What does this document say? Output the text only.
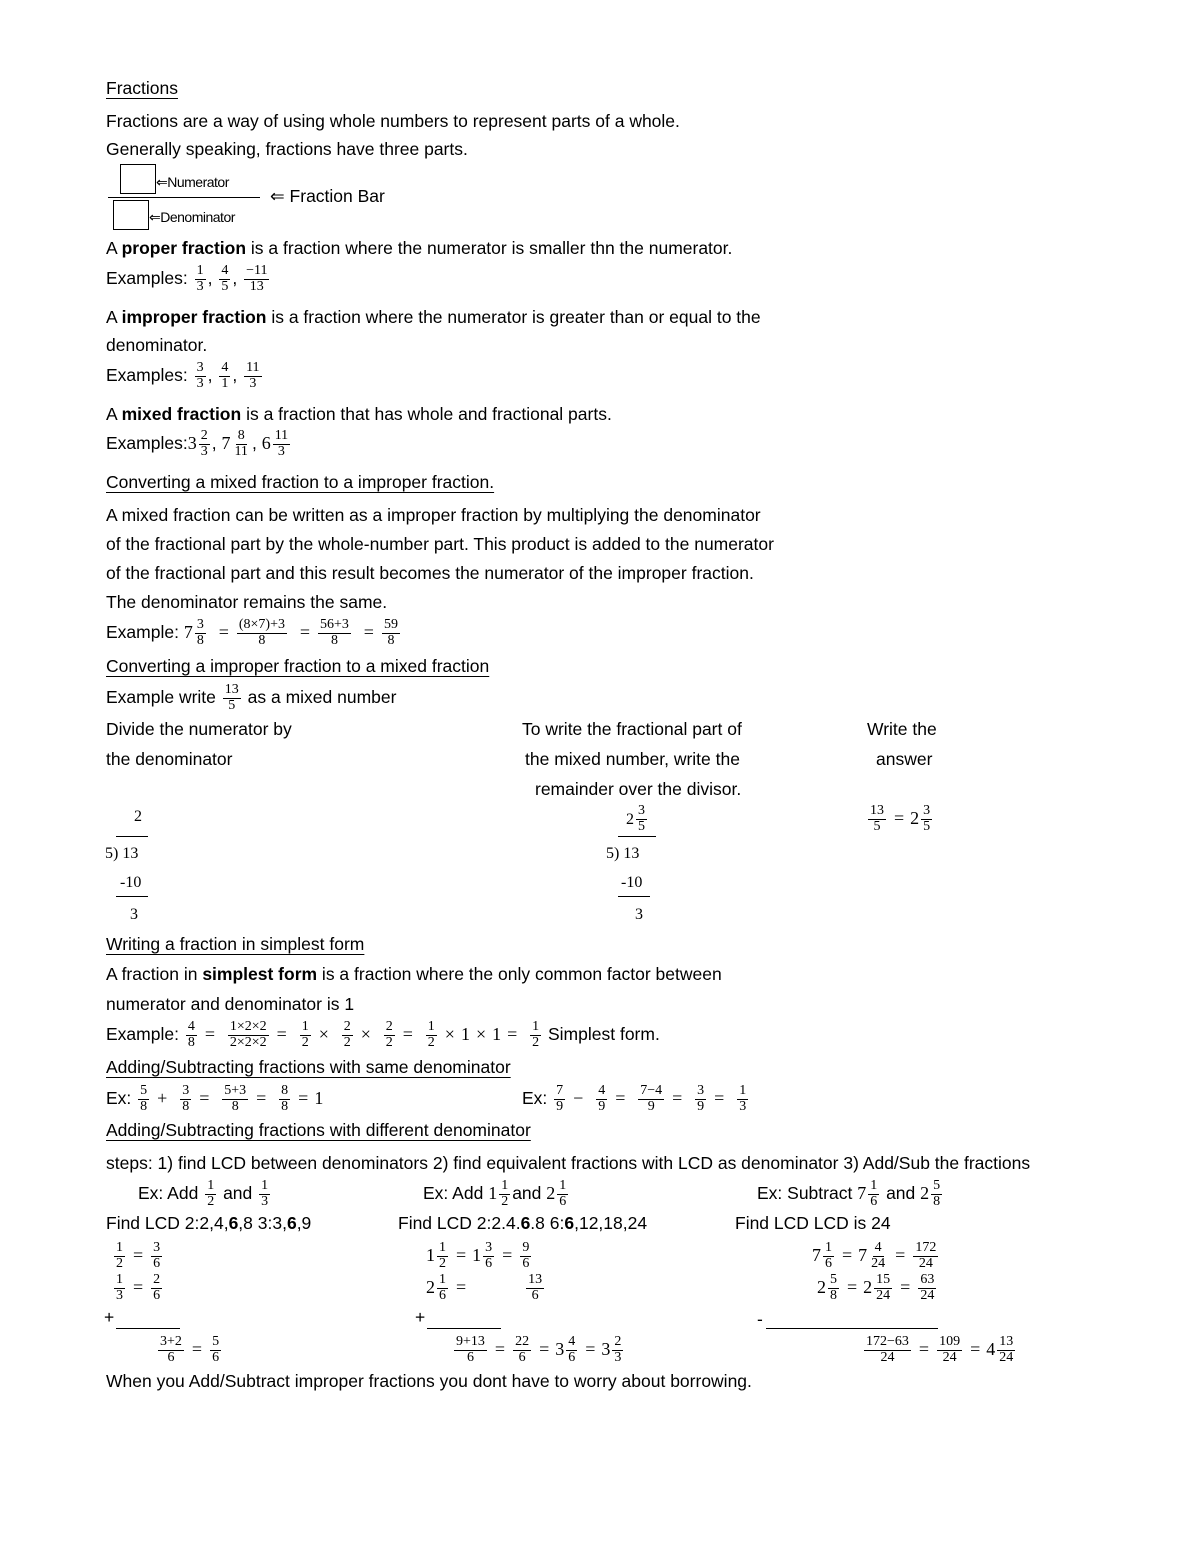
Fractions
Fractions are a way of using whole numbers to represent parts of a whole.
Generally speaking, fractions have three parts.
⇐Numerator
⇐ Fraction Bar
⇐Denominator
A proper fraction is a fraction where the numerator is smaller thn the numerator.
Examples: $\frac{1}{3}$ , $\frac{4}{5}$ , $\frac{-11}{13}$
A improper fraction is a fraction where the numerator is greater than or equal to the
denominator.
Examples: $\frac{3}{3}$ , $\frac{4}{1}$ , $\frac{11}{3}$
A mixed fraction is a fraction that has whole and fractional parts.
Examples:3 $\frac{2}{3}$ , $7 \frac{8}{11}$ , $6 \frac{11}{3}$
Converting a mixed fraction to a improper fraction.
A mixed fraction can be written as a improper fraction by multiplying the denominator
of the fractional part by the whole-number part. This product is added to the numerator
of the fractional part and this result becomes the numerator of the improper fraction.
The denominator remains the same.
Example: $7 \frac{3}{8} = \frac{(8\times 7)+3}{8} = \frac{56+3}{8} = \frac{59}{8}$
Converting a improper fraction to a mixed fraction
Example write $\frac{13}{5}$ as a mixed number
Divide the numerator by
the denominator
To write the fractional part of
the mixed number, write the
remainder over the divisor.
Write the
answer
2
5) 13
-10
3
$2 \frac{3}{5}$
5) 13
-10
3
$\frac{13}{5} = 2 \frac{3}{5}$
Writing a fraction in simplest form
A fraction in simplest form is a fraction where the only common factor between
numerator and denominator is 1
Example: $\frac{4}{8} = \frac{1\times 2\times 2}{2\times 2\times 2} = \frac{1}{2} \times \frac{2}{2} \times \frac{2}{2} = \frac{1}{2} \times 1 \times 1 = \frac{1}{2}$ Simplest form.
Adding/Subtracting fractions with same denominator
Ex: $\frac{5}{8} + \frac{3}{8} = \frac{5+3}{8} = \frac{8}{8} = 1$	Ex: $\frac{7}{9} - \frac{4}{9} = \frac{7-4}{9} = \frac{3}{9} = \frac{1}{3}$
Adding/Subtracting fractions with different denominator
steps: 1) find LCD between denominators 2) find equivalent fractions with LCD as denominator 3) Add/Sub the fractions
Ex: Add $\frac{1}{2}$ and $\frac{1}{3}$
Find LCD 2:2,4,6,8 3:3,6,9
$\frac{1}{2} = \frac{3}{6}$
$\frac{1}{3} = \frac{2}{6}$
+
$\frac{3+2}{6} = \frac{5}{6}$
Ex: Add $1 \frac{1}{2}$ and $2 \frac{1}{6}$
Find LCD 2:2.4.6.8 6:6,12,18,24
$1 \frac{1}{2} = 1 \frac{3}{6} = \frac{9}{6}$
$2 \frac{1}{6}$ =	$\frac{13}{6}$
+
$\frac{9+13}{6} = \frac{22}{6} = 3 \frac{4}{6} = 3 \frac{2}{3}$
Ex: Subtract $7 \frac{1}{6}$ and $2 \frac{5}{8}$
Find LCD LCD is 24
$7 \frac{1}{6} = 7 \frac{4}{24} = \frac{172}{24}$
$2 \frac{5}{8} = 2 \frac{15}{24} = \frac{63}{24}$
-
$\frac{172-63}{24} = \frac{109}{24} = 4 \frac{13}{24}$
When you Add/Subtract improper fractions you dont have to worry about borrowing.
